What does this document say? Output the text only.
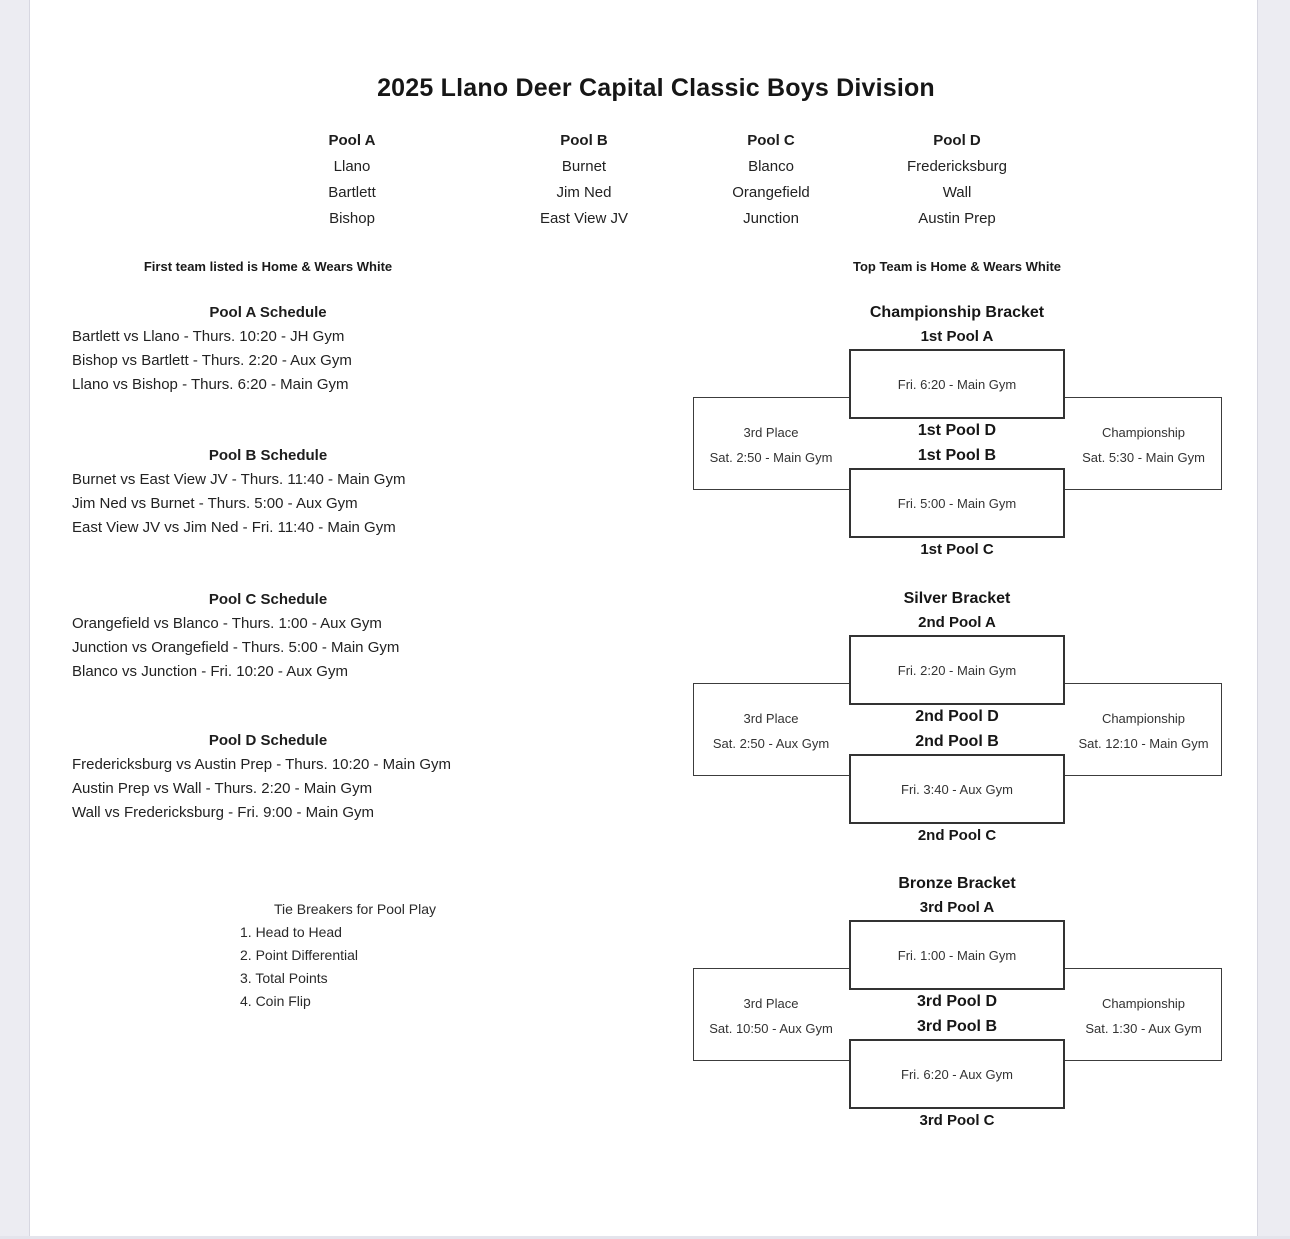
2025 Llano Deer Capital Classic Boys Division
Pool A
Llano
Bartlett
Bishop
Pool B
Burnet
Jim Ned
East View JV
Pool C
Blanco
Orangefield
Junction
Pool D
Fredericksburg
Wall
Austin Prep
First team listed is Home & Wears White	Top Team is Home & Wears White
Pool A Schedule
Bartlett vs Llano - Thurs. 10:20 - JH Gym
Bishop vs Bartlett - Thurs. 2:20 - Aux Gym
Llano vs Bishop - Thurs. 6:20 - Main Gym
Pool B Schedule
Burnet vs East View JV - Thurs. 11:40 - Main Gym
Jim Ned vs Burnet - Thurs. 5:00 - Aux Gym
East View JV vs Jim Ned - Fri. 11:40 - Main Gym
Pool C Schedule
Orangefield vs Blanco - Thurs. 1:00 - Aux Gym
Junction vs Orangefield - Thurs. 5:00 - Main Gym
Blanco vs Junction - Fri. 10:20 - Aux Gym
Pool D Schedule
Fredericksburg vs Austin Prep - Thurs. 10:20 - Main Gym
Austin Prep vs Wall - Thurs. 2:20 - Main Gym
Wall vs Fredericksburg - Fri. 9:00 - Main Gym
Tie Breakers for Pool Play
1. Head to Head
2. Point Differential
3. Total Points
4. Coin Flip
Championship Bracket
1st Pool A
Fri. 6:20 - Main Gym
Fri. 5:00 - Main Gym
1st Pool D
1st Pool B
3rd Place
Sat. 2:50 - Main Gym
Championship
Sat. 5:30 - Main Gym
1st Pool C
Silver Bracket
2nd Pool A
Fri. 2:20 - Main Gym
Fri. 3:40 - Aux Gym
2nd Pool D
2nd Pool B
3rd Place
Sat. 2:50 - Aux Gym
Championship
Sat. 12:10 - Main Gym
2nd Pool C
Bronze Bracket
3rd Pool A
Fri. 1:00 - Main Gym
Fri. 6:20 - Aux Gym
3rd Pool D
3rd Pool B
3rd Place
Sat. 10:50 - Aux Gym
Championship
Sat. 1:30 - Aux Gym
3rd Pool C
